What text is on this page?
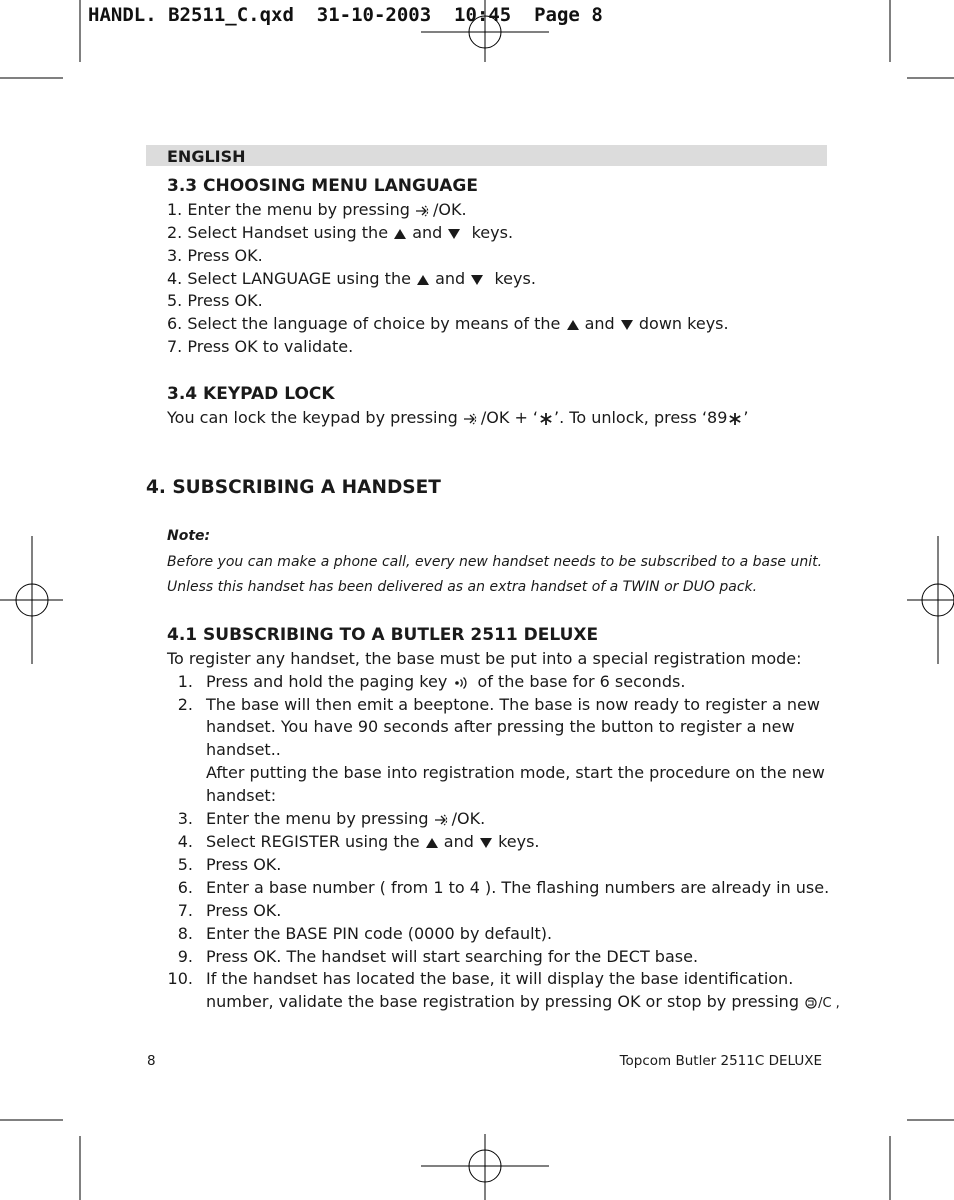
HANDL. B2511_C.qxd  31-10-2003  10:45  Page 8
ENGLISH
3.3 CHOOSING MENU LANGUAGE
1. Enter the menu by pressing /OK.
2. Select Handset using the and keys.
3. Press OK.
4. Select LANGUAGE using the and keys.
5. Press OK.
6. Select the language of choice by means of the and down keys.
7. Press OK to validate.
3.4 KEYPAD LOCK
You can lock the keypad by pressing /OK + ‘ ’. To unlock, press ‘89 ’
4. SUBSCRIBING A HANDSET
Note:
Before you can make a phone call, every new handset needs to be subscribed to a base unit.
Unless this handset has been delivered as an extra handset of a TWIN or DUO pack.
4.1 SUBSCRIBING TO A BUTLER 2511 DELUXE
To register any handset, the base must be put into a special registration mode:
1. Press and hold the paging key of the base for 6 seconds.
2. The base will then emit a beeptone. The base is now ready to register a new
handset. You have 90 seconds after pressing the button to register a new
handset..
After putting the base into registration mode, start the procedure on the new
handset:
3. Enter the menu by pressing /OK.
4. Select REGISTER using the and keys.
5. Press OK.
6. Enter a base number ( from 1 to 4 ). The flashing numbers are already in use.
7. Press OK.
8. Enter the BASE PIN code (0000 by default).
9. Press OK. The handset will start searching for the DECT base.
10. If the handset has located the base, it will display the base identification.
number, validate the base registration by pressing OK or stop by pressing /C ,
8	Topcom Butler 2511C DELUXE
